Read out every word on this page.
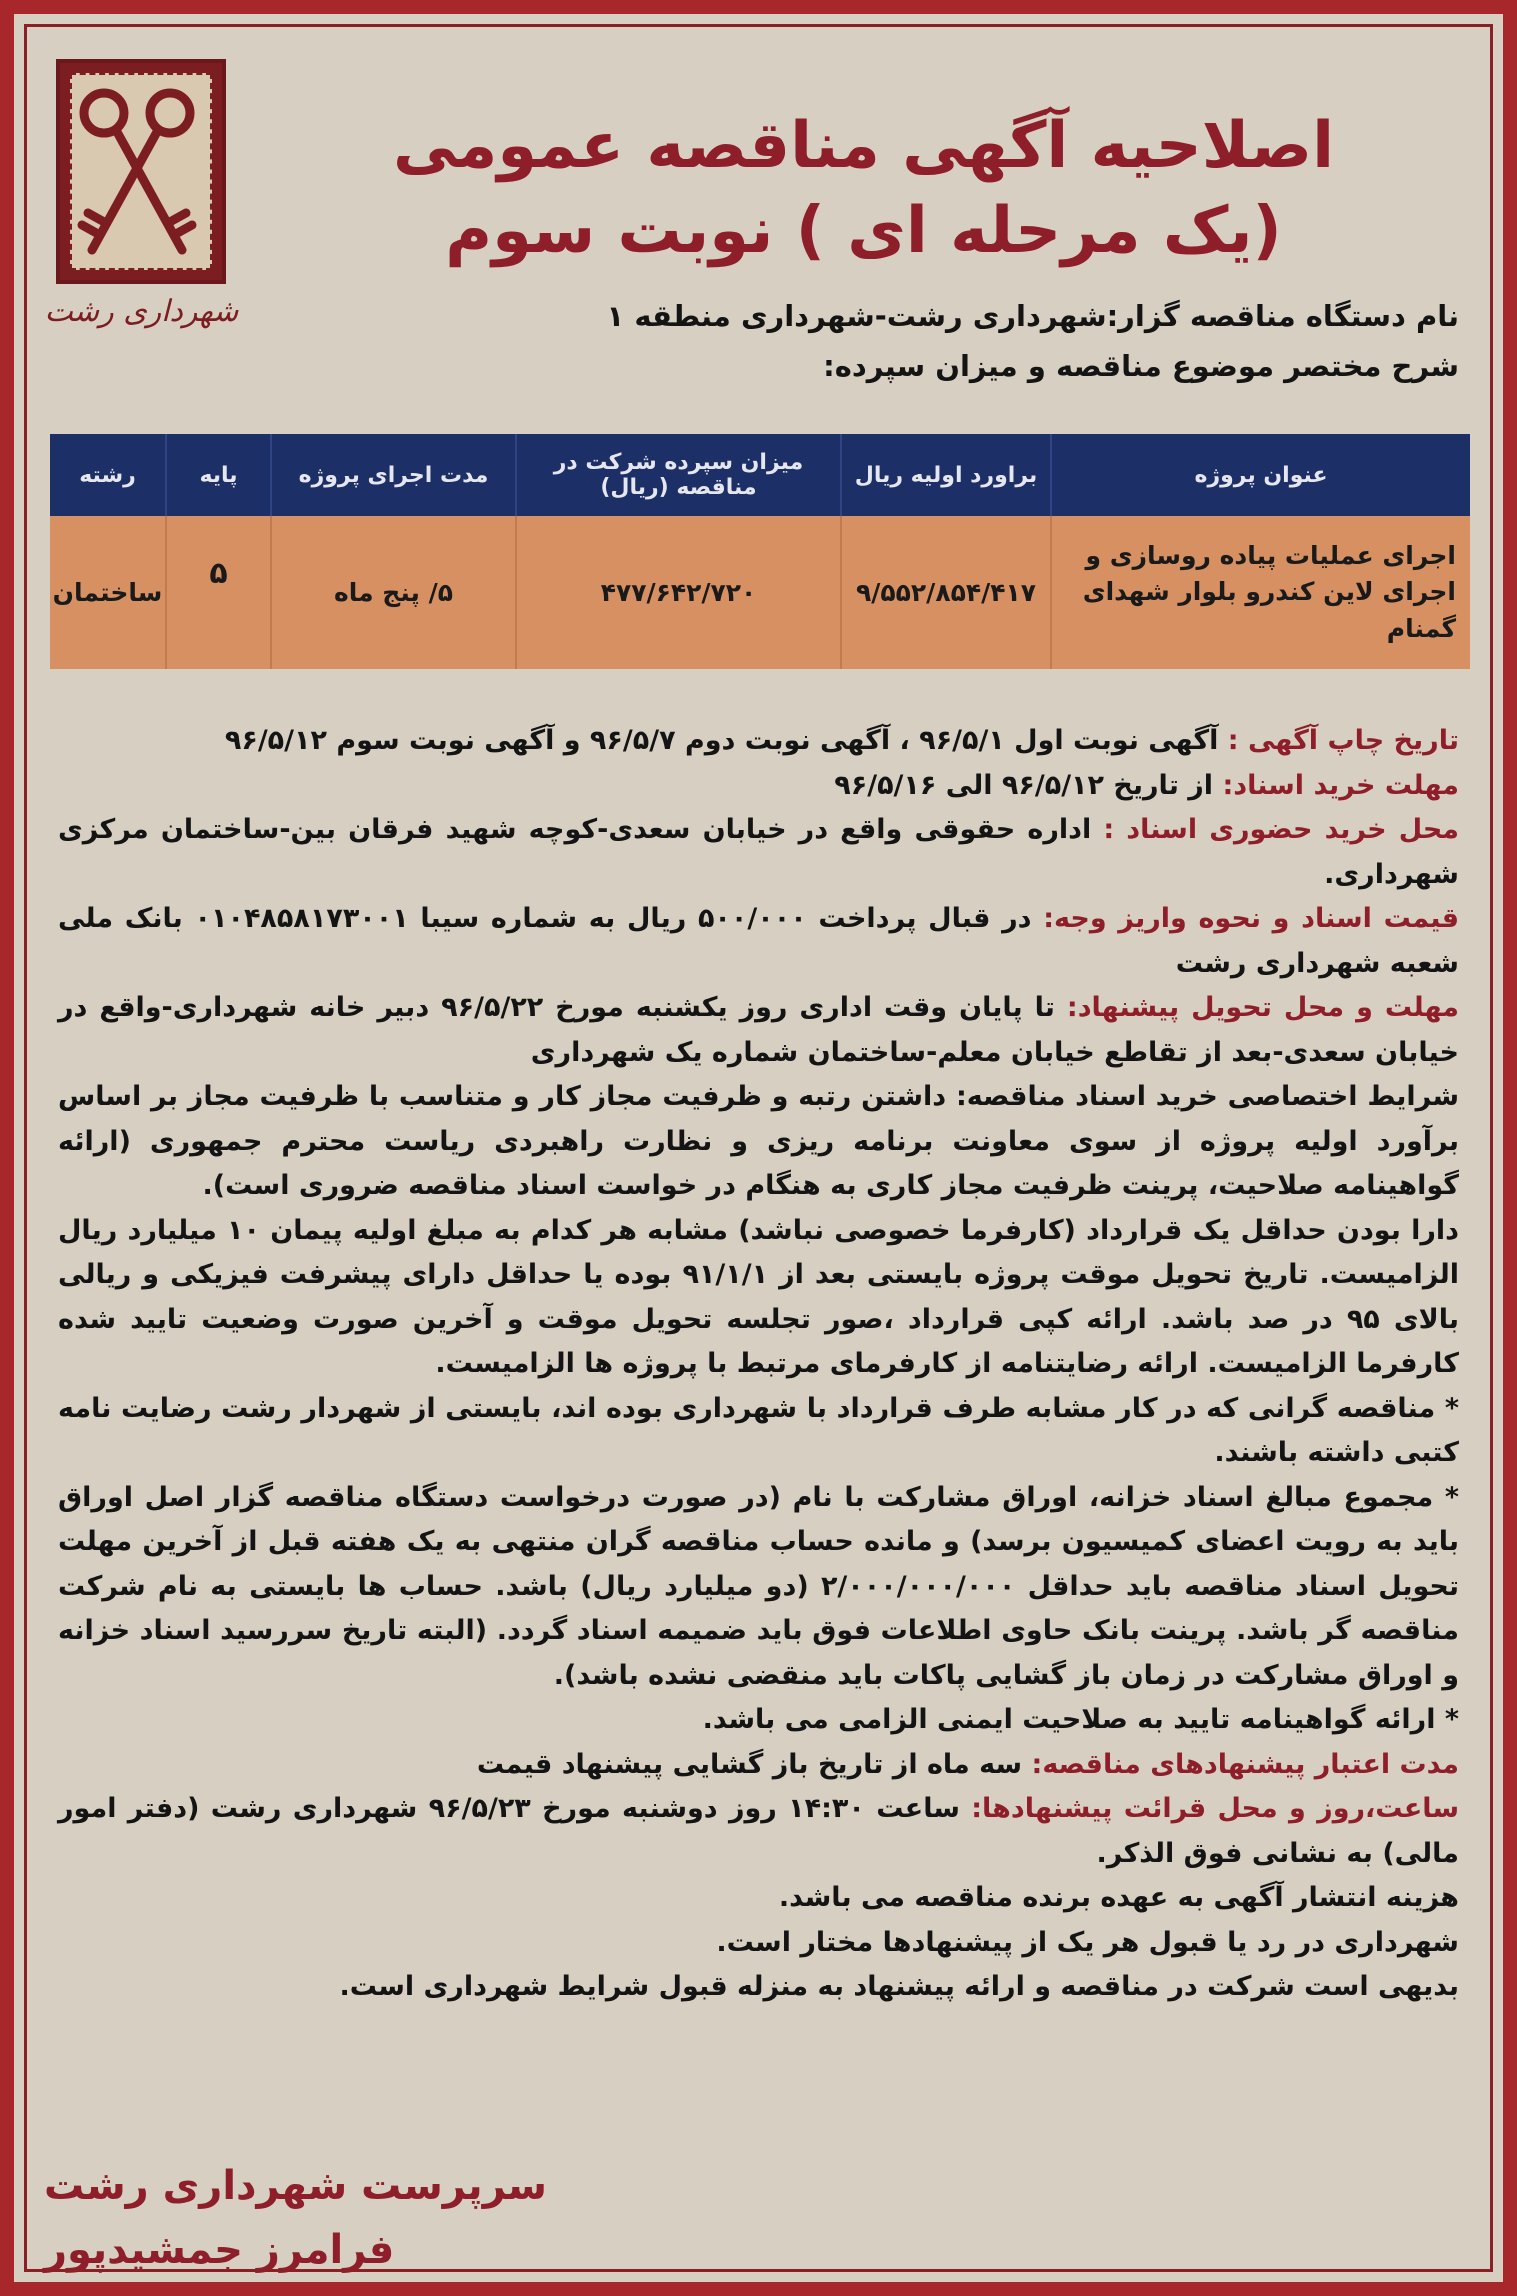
شهرداری رشت
اصلاحیه آگهی مناقصه عمومی
(یک مرحله ای ) نوبت سوم
نام دستگاه مناقصه گزار:شهرداری رشت-شهرداری منطقه ۱
شرح مختصر موضوع مناقصه و میزان سپرده:
عنوان پروژه
براورد اولیه ریال
میزان سپرده شرکت در مناقصه (ریال)
مدت اجرای پروژه
پایه
رشته
اجرای عملیات پیاده روسازی و اجرای لاین کندرو بلوار شهدای گمنام
۹/۵۵۲/۸۵۴/۴۱۷
۴۷۷/۶۴۲/۷۲۰
۵/ پنج ماه
۵
ساختمان

تاریخ چاپ آگهی : آگهی نوبت اول ۹۶/۵/۱ ، آگهی نوبت دوم ۹۶/۵/۷ و آگهی نوبت سوم ۹۶/۵/۱۲

مهلت خرید اسناد: از تاریخ ۹۶/۵/۱۲ الی ۹۶/۵/۱۶

محل خرید حضوری اسناد : اداره حقوقی واقع در خیابان سعدی-کوچه شهید فرقان بین-ساختمان مرکزی شهرداری.

قیمت اسناد و نحوه واریز وجه: در قبال پرداخت ۵۰۰/۰۰۰ ریال به شماره سیبا ۰۱۰۴۸۵۸۱۷۳۰۰۱ بانک ملی شعبه شهرداری رشت

مهلت و محل تحویل پیشنهاد: تا پایان وقت اداری روز یکشنبه مورخ ۹۶/۵/۲۲ دبیر خانه شهرداری-واقع در خیابان سعدی-بعد از تقاطع خیابان معلم-ساختمان شماره یک شهرداری

شرایط اختصاصی خرید اسناد مناقصه: داشتن رتبه و ظرفیت مجاز کار و متناسب با ظرفیت مجاز بر اساس برآورد اولیه پروژه از سوی معاونت برنامه ریزی و نظارت راهبردی ریاست محترم جمهوری (ارائه گواهینامه صلاحیت، پرینت ظرفیت مجاز کاری به هنگام در خواست اسناد مناقصه ضروری است).

دارا بودن حداقل یک قرارداد (کارفرما خصوصی نباشد) مشابه هر کدام به مبلغ اولیه پیمان ۱۰ میلیارد ریال الزامیست. تاریخ تحویل موقت پروژه بایستی بعد از ۹۱/۱/۱ بوده یا حداقل دارای پیشرفت فیزیکی و ریالی بالای ۹۵ در صد باشد. ارائه کپی قرارداد ،صور تجلسه تحویل موقت و آخرین صورت وضعیت تایید شده کارفرما الزامیست. ارائه رضایتنامه از کارفرمای مرتبط با پروژه ها الزامیست.

* مناقصه گرانی که در کار مشابه طرف قرارداد با شهرداری بوده اند، بایستی از شهردار رشت رضایت نامه کتبی داشته باشند.

* مجموع مبالغ اسناد خزانه، اوراق مشارکت با نام (در صورت درخواست دستگاه مناقصه گزار اصل اوراق باید به رویت اعضای کمیسیون برسد) و مانده حساب مناقصه گران منتهی به یک هفته قبل از آخرین مهلت تحویل اسناد مناقصه باید حداقل ۲/۰۰۰/۰۰۰/۰۰۰ (دو میلیارد ریال) باشد. حساب ها بایستی به نام شرکت مناقصه گر باشد. پرینت بانک حاوی اطلاعات فوق باید ضمیمه اسناد گردد. (البته تاریخ سررسید اسناد خزانه و اوراق مشارکت در زمان باز گشایی پاکات باید منقضی نشده باشد).

* ارائه گواهینامه تایید به صلاحیت ایمنی الزامی می باشد.

مدت اعتبار پیشنهادهای مناقصه: سه ماه از تاریخ باز گشایی پیشنهاد قیمت

ساعت،روز و محل قرائت پیشنهادها: ساعت ۱۴:۳۰ روز دوشنبه مورخ ۹۶/۵/۲۳ شهرداری رشت (دفتر امور مالی) به نشانی فوق الذکر.

هزینه انتشار آگهی به عهده برنده مناقصه می باشد.

شهرداری در رد یا قبول هر یک از پیشنهادها مختار است.

بدیهی است شرکت در مناقصه و ارائه پیشنهاد به منزله قبول شرایط شهرداری است.

سرپرست شهرداری رشت
فرامرز جمشیدپور
